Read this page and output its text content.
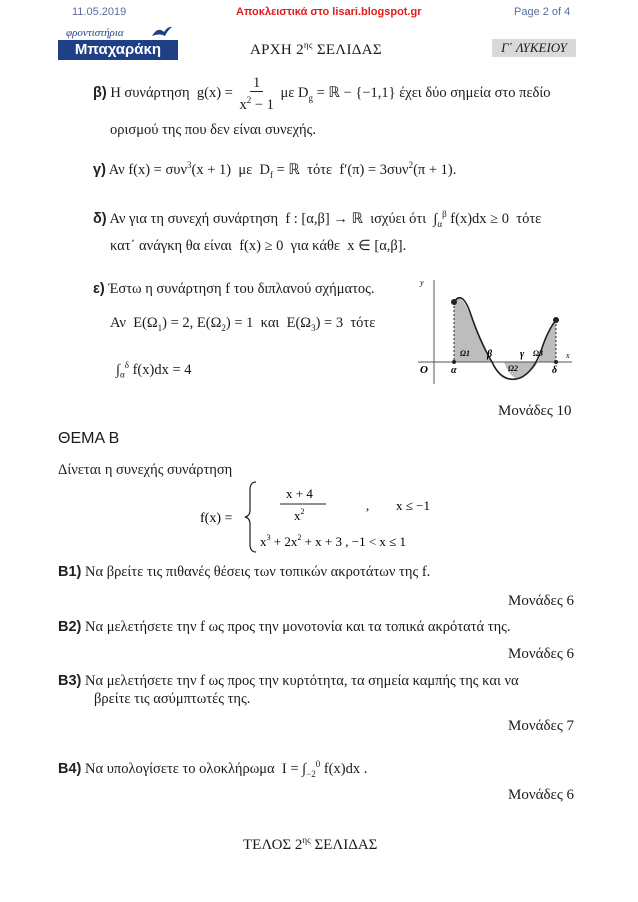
11.05.2019	Αποκλειστικά στο lisari.blogspot.gr	Page 2 of 4
φροντιστήρια
Μπαχαράκη	ΑΡΧΗ $2^{\eta\varsigma}$ ΣΕΛΙΔΑΣ	Γ΄ ΛΥΚΕΙΟΥ
β) Η συνάρτηση  $g(x) = \frac{1}{x^2 - 1}$ με $D_g$ = ℝ − {−1,1} έχει δύο σημεία στο πεδίο
ορισμού της που δεν είναι συνεχής.
γ) Αν f(x) = συν$^3$(x + 1)  με  $D_f$ = ℝ  τότε  f′(π) = 3συν$^2$(π + 1).
δ) Αν για τη συνεχή συνάρτηση  f : [α,β] → ℝ  ισχύει ότι  $\int_\alpha^\beta$ f(x)dx ≥ 0  τότε
κατ΄ ανάγκη θα είναι  f(x) ≥ 0  για κάθε  x ∈ [α,β].
ε) Έστω η συνάρτηση f του διπλανού σχήματος.
Αν  $E(\Omega_1) = 2$, $E(\Omega_2) = 1$  και  $E(\Omega_3) = 3$  τότε
$\int_\alpha^\delta$ f(x)dx = 4
y
x
O α
β	γ
δ
Ω1
Ω2
Ω3
Μονάδες 10
ΘΕΜΑ Β
Δίνεται η συνεχής συνάρτηση
f(x) =
x + 4
$x^2$	, x ≤ −1
$x^3 + 2x^2 + x + 3$ , −1 < x ≤ 1
Β1) Να βρείτε τις πιθανές θέσεις των τοπικών ακροτάτων της f.
Μονάδες 6
Β2) Να μελετήσετε την f ως προς την μονοτονία και τα τοπικά ακρότατά της.
Μονάδες 6
Β3) Να μελετήσετε την f ως προς την κυρτότητα, τα σημεία καμπής της και να
βρείτε τις ασύμπτωτές της.
Μονάδες 7
Β4) Να υπολογίσετε το ολοκλήρωμα  $I = \int_{-2}^0$ f(x)dx .
Μονάδες 6
ΤΕΛΟΣ $2^{\eta\varsigma}$ ΣΕΛΙΔΑΣ
